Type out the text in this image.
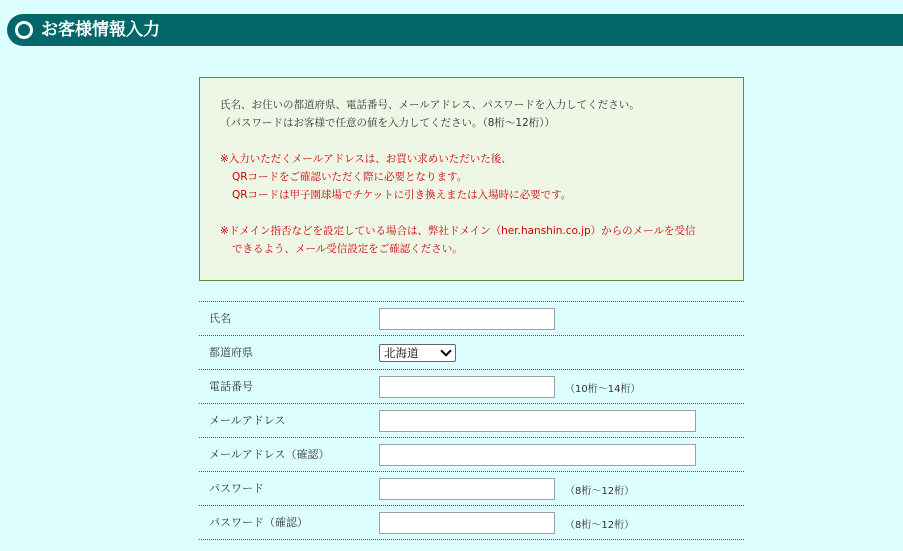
お客様情報入力

氏名、お住いの都道府県、電話番号、メールアドレス、パスワードを入力してください。

（パスワードはお客様で任意の値を入力してください。（8桁〜12桁））

※入力いただくメールアドレスは、お買い求めいただいた後、

QRコードをご確認いただく際に必要となります。

QRコードは甲子園球場でチケットに引き換えまたは入場時に必要です。

※ドメイン指否などを設定している場合は、弊社ドメイン（her.hanshin.co.jp）からのメールを受信

できるよう、メール受信設定をご確認ください。

氏名
都道府県	北海道
電話番号	（10桁〜14桁）
メールアドレス
メールアドレス（確認）
パスワード	（8桁〜12桁）
パスワード（確認）	（8桁〜12桁）
